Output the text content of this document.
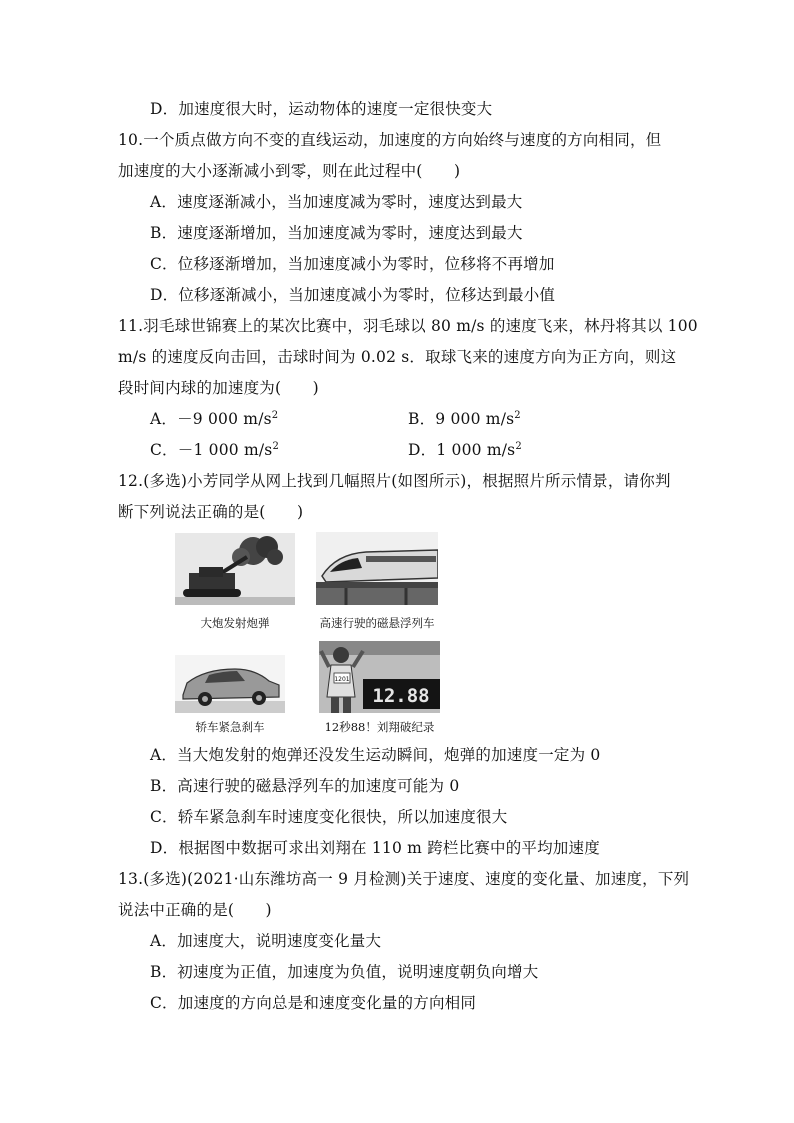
D．加速度很大时，运动物体的速度一定很快变大
10.一个质点做方向不变的直线运动，加速度的方向始终与速度的方向相同，但
加速度的大小逐渐减小到零，则在此过程中(　　)
A．速度逐渐减小，当加速度减为零时，速度达到最大
B．速度逐渐增加，当加速度减为零时，速度达到最大
C．位移逐渐增加，当加速度减小为零时，位移将不再增加
D．位移逐渐减小，当加速度减小为零时，位移达到最小值
11.羽毛球世锦赛上的某次比赛中，羽毛球以 80 m/s 的速度飞来，林丹将其以 100
m/s 的速度反向击回，击球时间为 0.02 s．取球飞来的速度方向为正方向，则这
段时间内球的加速度为(　　)
A．－9 000 $m/s^2$	B．9 000 $m/s^2$
C．－1 000 $m/s^2$	D．1 000 $m/s^2$
12.(多选)小芳同学从网上找到几幅照片(如图所示)，根据照片所示情景，请你判
断下列说法正确的是(　　)
大炮发射炮弹	高速行驶的磁悬浮列车
轿车紧急刹车
12.88
1201
12秒88！刘翔破纪录
A．当大炮发射的炮弹还没发生运动瞬间，炮弹的加速度一定为 0
B．高速行驶的磁悬浮列车的加速度可能为 0
C．轿车紧急刹车时速度变化很快，所以加速度很大
D．根据图中数据可求出刘翔在 110 m 跨栏比赛中的平均加速度
13.(多选)(2021·山东潍坊高一 9 月检测)关于速度、速度的变化量、加速度，下列
说法中正确的是(　　)
A．加速度大，说明速度变化量大
B．初速度为正值，加速度为负值，说明速度朝负向增大
C．加速度的方向总是和速度变化量的方向相同
